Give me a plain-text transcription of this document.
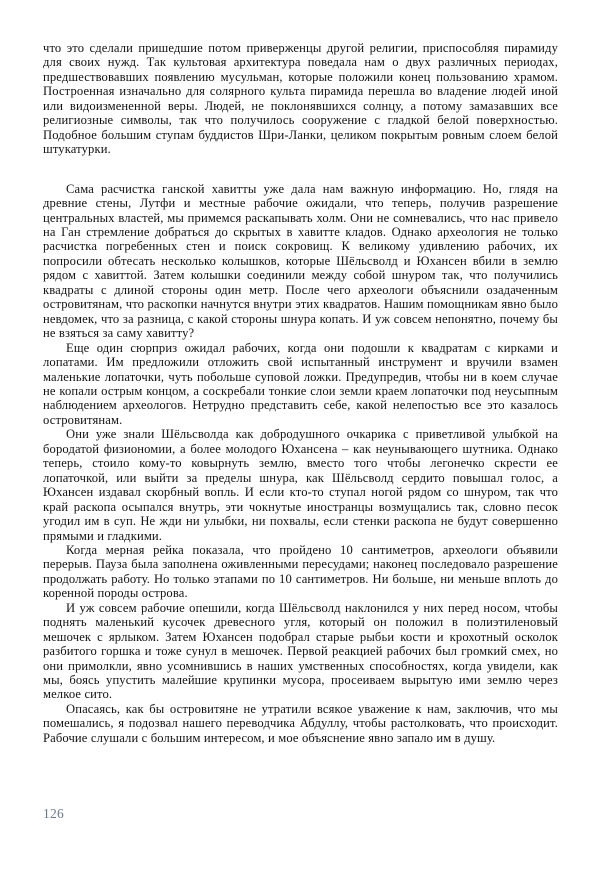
что это сделали пришедшие потом приверженцы другой религии, приспособляя пирамиду для своих нужд. Так культовая архитектура поведала нам о двух различных периодах, предшествовавших появлению мусульман, которые положили конец пользованию храмом. Построенная изначально для солярного культа пирамида перешла во владение людей иной или видоизмененной веры. Людей, не поклонявшихся солнцу, а потому замазавших все религиозные символы, так что получилось сооружение с гладкой белой поверхностью. Подобное большим ступам буддистов Шри-Ланки, целиком покрытым ровным слоем белой штукатурки.

Сама расчистка ганской хавитты уже дала нам важную информацию. Но, глядя на древние стены, Лутфи и местные рабочие ожидали, что теперь, получив разрешение центральных властей, мы примемся раскапывать холм. Они не сомневались, что нас привело на Ган стремление добраться до скрытых в хавитте кладов. Однако археология не только расчистка погребенных стен и поиск сокровищ. К великому удивлению рабочих, их попросили обтесать несколько колышков, которые Шёльсволд и Юхансен вбили в землю рядом с хавиттой. Затем колышки соединили между собой шнуром так, что получились квадраты с длиной стороны один метр. После чего археологи объяснили озадаченным островитянам, что раскопки начнутся внутри этих квадратов. Нашим помощникам явно было невдомек, что за разница, с какой стороны шнура копать. И уж совсем непонятно, почему бы не взяться за саму хавитту?

Еще один сюрприз ожидал рабочих, когда они подошли к квадратам с кирками и лопатами. Им предложили отложить свой испытанный инструмент и вручили взамен маленькие лопаточки, чуть побольше суповой ложки. Предупредив, чтобы ни в коем случае не копали острым концом, а соскребали тонкие слои земли краем лопаточки под неусыпным наблюдением археологов. Нетрудно представить себе, какой нелепостью все это казалось островитянам.

Они уже знали Шёльсволда как добродушного очкарика с приветливой улыбкой на бородатой физиономии, а более молодого Юхансена – как неунывающего шутника. Однако теперь, стоило кому-то ковырнуть землю, вместо того чтобы легонечко скрести ее лопаточкой, или выйти за пределы шнура, как Шёльсволд сердито повышал голос, а Юхансен издавал скорбный вопль. И если кто-то ступал ногой рядом со шнуром, так что край раскопа осыпался внутрь, эти чокнутые иностранцы возмущались так, словно песок угодил им в суп. Не жди ни улыбки, ни похвалы, если стенки раскопа не будут совершенно прямыми и гладкими.

Когда мерная рейка показала, что пройдено 10 сантиметров, археологи объявили перерыв. Пауза была заполнена оживленными пересудами; наконец последовало разрешение продолжать работу. Но только этапами по 10 сантиметров. Ни больше, ни меньше вплоть до коренной породы острова.

И уж совсем рабочие опешили, когда Шёльсволд наклонился у них перед носом, чтобы поднять маленький кусочек древесного угля, который он положил в полиэтиленовый мешочек с ярлыком. Затем Юхансен подобрал старые рыбьи кости и крохотный осколок разбитого горшка и тоже сунул в мешочек. Первой реакцией рабочих был громкий смех, но они примолкли, явно усомнившись в наших умственных способностях, когда увидели, как мы, боясь упустить малейшие крупинки мусора, просеиваем вырытую ими землю через мелкое сито.

Опасаясь, как бы островитяне не утратили всякое уважение к нам, заключив, что мы помешались, я подозвал нашего переводчика Абдуллу, чтобы растолковать, что происходит. Рабочие слушали с большим интересом, и мое объяснение явно запало им в душу.

126
